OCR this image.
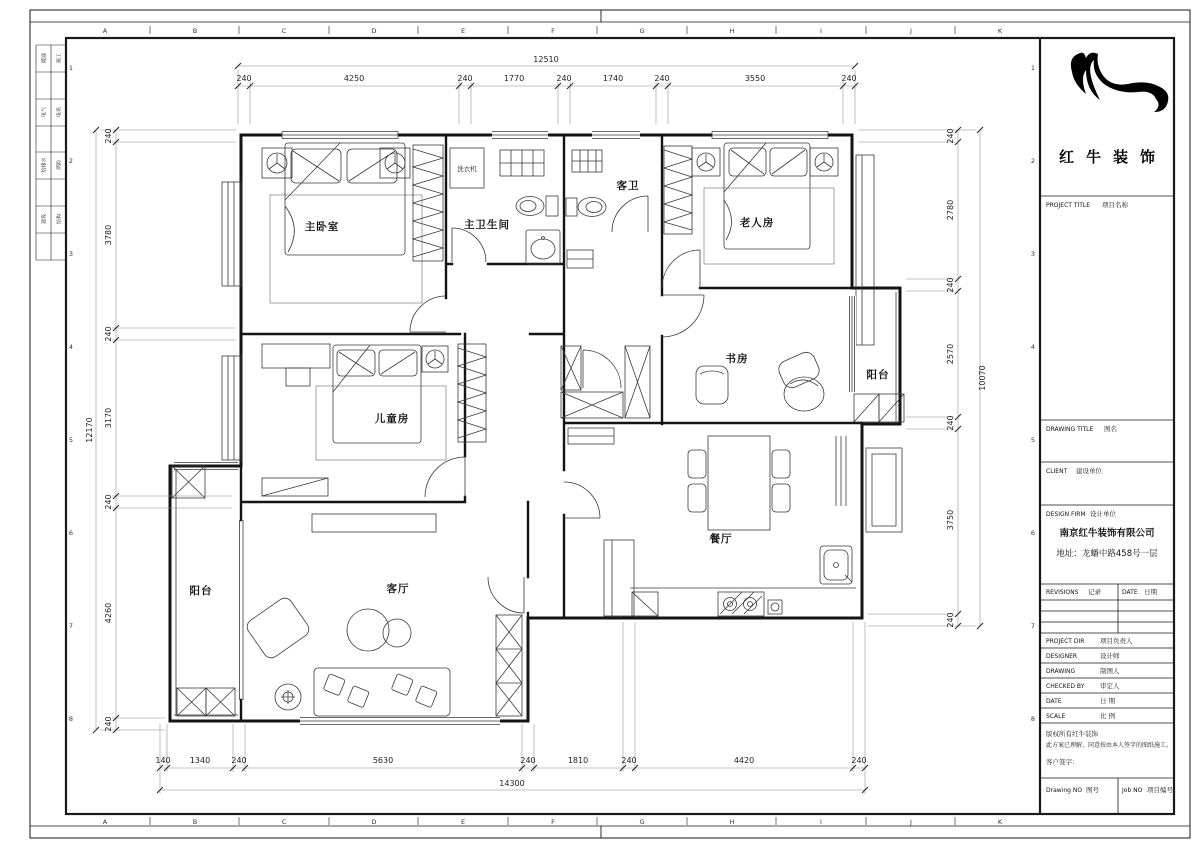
暖通 竣工
电气 电讯
给排水 消防
建筑 结构
A	B	C	D	E	F	G	H	I	J	K
A	B	C	D	E	F	G	H	I	J	K
1
2
3
4
5
6
7
8
1
2
3
4
5
6
7
8
主卧室	主卫生间
洗衣机
客卫
老人房
书房
阳台
儿童房
餐厅
客厅
阳台
12510
240	4250	240	1770	240	1740	240	3550	240
14300
140 1340	240	5630	240	1810	240	4420	240
12170
240
3780
240
3170
240
4260
240
10070
240
2780
240
2570
240
3750
240
红牛装饰
PROJECT TITLE 项目名称
DRAWING TITLE 图名
CLIENT 建设单位
DESIGN FIRM 设计单位
南京红牛装饰有限公司
地址：龙蟠中路458号一层
REVISIONS 记录	DATE 日期
PROJECT DIR 项目负责人
DESIGNER	设计师
DRAWING	制图人
CHECKED BY 审定人
DATE	日 期
SCALE	比 例
版权所有红牛装饰
此方案已理解、同意按由本人签字的图纸施工。
客户签字：
Drawing NO 图号	Job NO 项目编号
